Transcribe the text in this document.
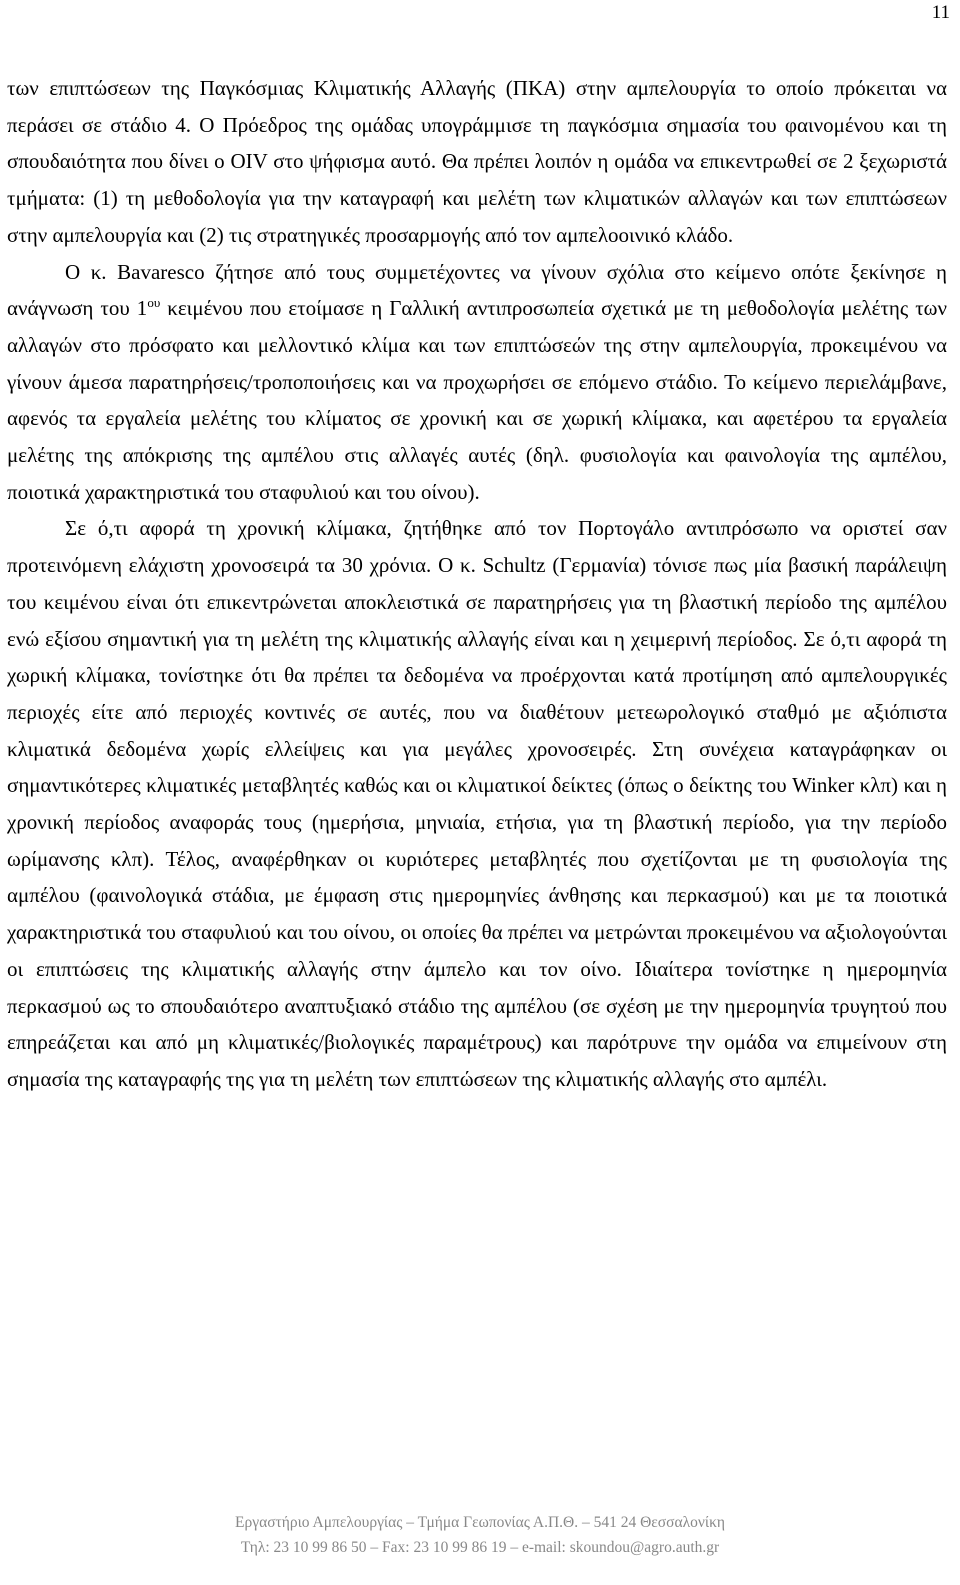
11

των επιπτώσεων της Παγκόσμιας Κλιματικής Αλλαγής (ΠΚΑ) στην αμπελουργία το οποίο πρόκειται να περάσει σε στάδιο 4. Ο Πρόεδρος της ομάδας υπογράμμισε τη παγκόσμια σημασία του φαινομένου και τη σπουδαιότητα που δίνει ο OIV στο ψήφισμα αυτό. Θα πρέπει λοιπόν η ομάδα να επικεντρωθεί σε 2 ξεχωριστά τμήματα: (1) τη μεθοδολογία για την καταγραφή και μελέτη των κλιματικών αλλαγών και των επιπτώσεων στην αμπελουργία και (2) τις στρατηγικές προσαρμογής από τον αμπελοοινικό κλάδο.

Ο κ. Bavaresco ζήτησε από τους συμμετέχοντες να γίνουν σχόλια στο κείμενο οπότε ξεκίνησε η ανάγνωση του $1^{o\upsilon}$ κειμένου που ετοίμασε η Γαλλική αντιπροσωπεία σχετικά με τη μεθοδολογία μελέτης των αλλαγών στο πρόσφατο και μελλοντικό κλίμα και των επιπτώσεών της στην αμπελουργία, προκειμένου να γίνουν άμεσα παρατηρήσεις/τροποποιήσεις και να προχωρήσει σε επόμενο στάδιο. Το κείμενο περιελάμβανε, αφενός τα εργαλεία μελέτης του κλίματος σε χρονική και σε χωρική κλίμακα, και αφετέρου τα εργαλεία μελέτης της απόκρισης της αμπέλου στις αλλαγές αυτές (δηλ. φυσιολογία και φαινολογία της αμπέλου, ποιοτικά χαρακτηριστικά του σταφυλιού και του οίνου).

Σε ό,τι αφορά τη χρονική κλίμακα, ζητήθηκε από τον Πορτογάλο αντιπρόσωπο να οριστεί σαν προτεινόμενη ελάχιστη χρονοσειρά τα 30 χρόνια. Ο κ. Schultz (Γερμανία) τόνισε πως μία βασική παράλειψη του κειμένου είναι ότι επικεντρώνεται αποκλειστικά σε παρατηρήσεις για τη βλαστική περίοδο της αμπέλου ενώ εξίσου σημαντική για τη μελέτη της κλιματικής αλλαγής είναι και η χειμερινή περίοδος. Σε ό,τι αφορά τη χωρική κλίμακα, τονίστηκε ότι θα πρέπει τα δεδομένα να προέρχονται κατά προτίμηση από αμπελουργικές περιοχές είτε από περιοχές κοντινές σε αυτές, που να διαθέτουν μετεωρολογικό σταθμό με αξιόπιστα κλιματικά δεδομένα χωρίς ελλείψεις και για μεγάλες χρονοσειρές. Στη συνέχεια καταγράφηκαν οι σημαντικότερες κλιματικές μεταβλητές καθώς και οι κλιματικοί δείκτες (όπως ο δείκτης του Winker κλπ) και η χρονική περίοδος αναφοράς τους (ημερήσια, μηνιαία, ετήσια, για τη βλαστική περίοδο, για την περίοδο ωρίμανσης κλπ). Τέλος, αναφέρθηκαν οι κυριότερες μεταβλητές που σχετίζονται με τη φυσιολογία της αμπέλου (φαινολογικά στάδια, με έμφαση στις ημερομηνίες άνθησης και περκασμού) και με τα ποιοτικά χαρακτηριστικά του σταφυλιού και του οίνου, οι οποίες θα πρέπει να μετρώνται προκειμένου να αξιολογούνται οι επιπτώσεις της κλιματικής αλλαγής στην άμπελο και τον οίνο. Ιδιαίτερα τονίστηκε η ημερομηνία περκασμού ως το σπουδαιότερο αναπτυξιακό στάδιο της αμπέλου (σε σχέση με την ημερομηνία τρυγητού που επηρεάζεται και από μη κλιματικές/βιολογικές παραμέτρους) και παρότρυνε την ομάδα να επιμείνουν στη σημασία της καταγραφής της για τη μελέτη των επιπτώσεων της κλιματικής αλλαγής στο αμπέλι.

Εργαστήριο Αμπελουργίας – Τμήμα Γεωπονίας Α.Π.Θ. – 541 24 Θεσσαλονίκη
Τηλ: 23 10 99 86 50 – Fax: 23 10 99 86 19 – e-mail: skoundou@agro.auth.gr
